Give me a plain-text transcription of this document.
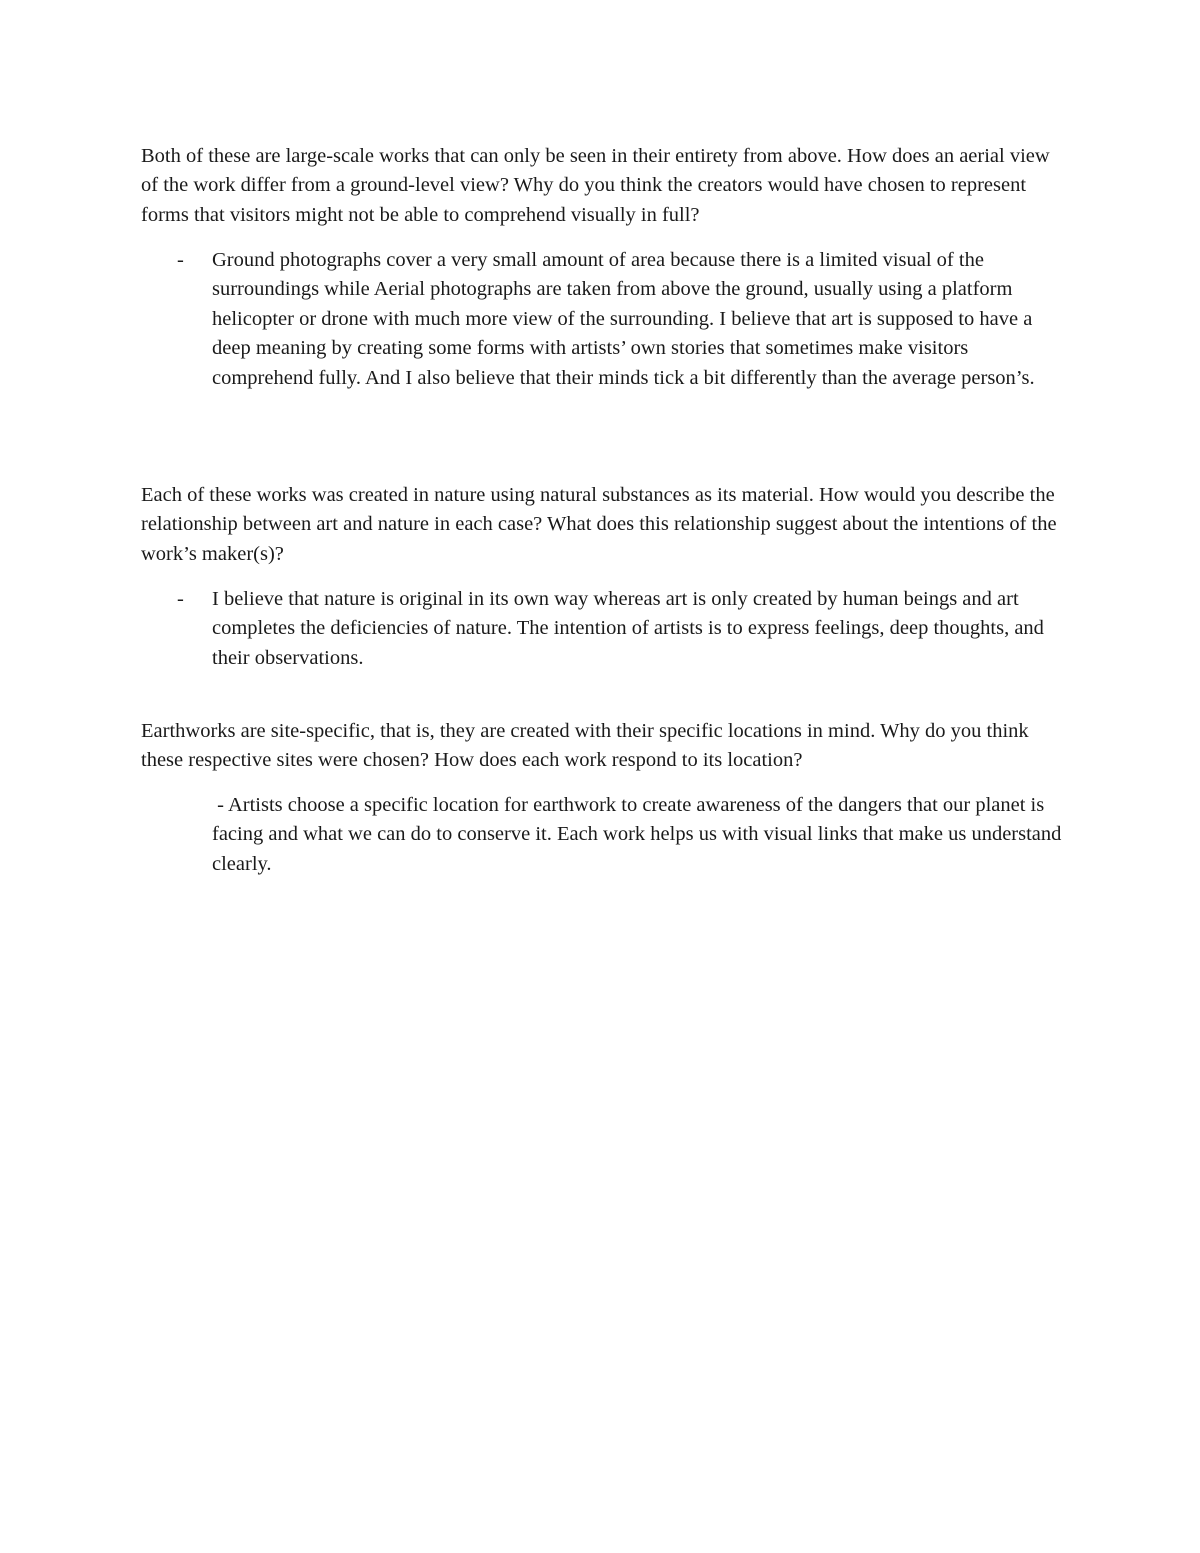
Both of these are large-scale works that can only be seen in their entirety from above. How does an aerial view of the work differ from a ground-level view? Why do you think the creators would have chosen to represent forms that visitors might not be able to comprehend visually in full?

-	Ground photographs cover a very small amount of area because there is a limited visual of the surroundings while Aerial photographs are taken from above the ground, usually using a platform helicopter or drone with much more view of the surrounding. I believe that art is supposed to have a deep meaning by creating some forms with artists’ own stories that sometimes make visitors comprehend fully. And I also believe that their minds tick a bit differently than the average person’s.

Each of these works was created in nature using natural substances as its material. How would you describe the relationship between art and nature in each case? What does this relationship suggest about the intentions of the work’s maker(s)?

-	I believe that nature is original in its own way whereas art is only created by human beings and art completes the deficiencies of nature. The intention of artists is to express feelings, deep thoughts, and their observations.

Earthworks are site-specific, that is, they are created with their specific locations in mind. Why do you think these respective sites were chosen? How does each work respond to its location?

- Artists choose a specific location for earthwork to create awareness of the dangers that our planet is facing and what we can do to conserve it. Each work helps us with visual links that make us understand clearly.
